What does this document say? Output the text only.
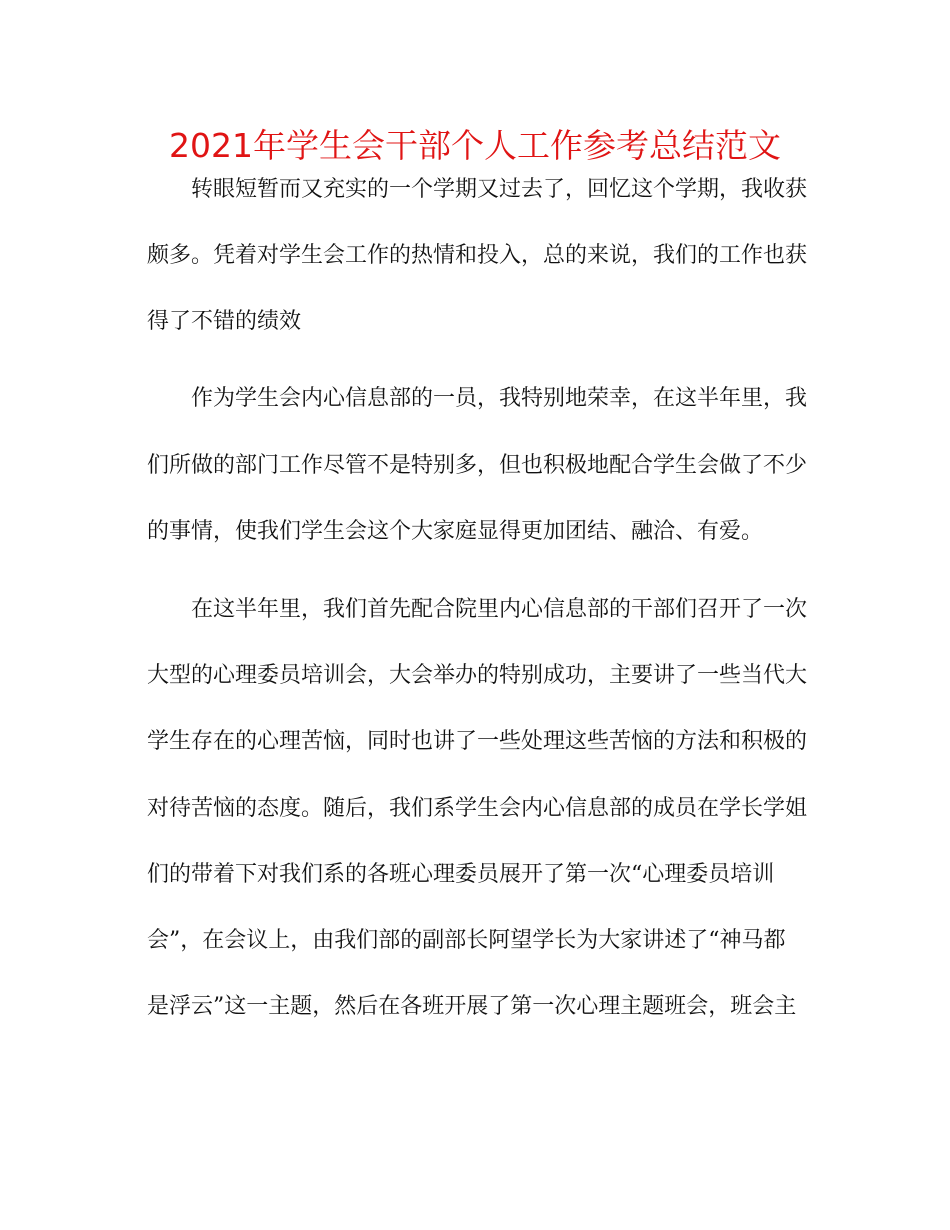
2021年学生会干部个人工作参考总结范文

转眼短暂而又充实的一个学期又过去了，回忆这个学期，我收获

颇多。凭着对学生会工作的热情和投入，总的来说，我们的工作也获

得了不错的绩效

作为学生会内心信息部的一员，我特别地荣幸，在这半年里，我

们所做的部门工作尽管不是特别多，但也积极地配合学生会做了不少

的事情，使我们学生会这个大家庭显得更加团结、融洽、有爱。

在这半年里，我们首先配合院里内心信息部的干部们召开了一次

大型的心理委员培训会，大会举办的特别成功，主要讲了一些当代大

学生存在的心理苦恼，同时也讲了一些处理这些苦恼的方法和积极的

对待苦恼的态度。随后，我们系学生会内心信息部的成员在学长学姐

们的带着下对我们系的各班心理委员展开了第一次“心理委员培训

会”，在会议上，由我们部的副部长阿望学长为大家讲述了“神马都

是浮云”这一主题，然后在各班开展了第一次心理主题班会，班会主
